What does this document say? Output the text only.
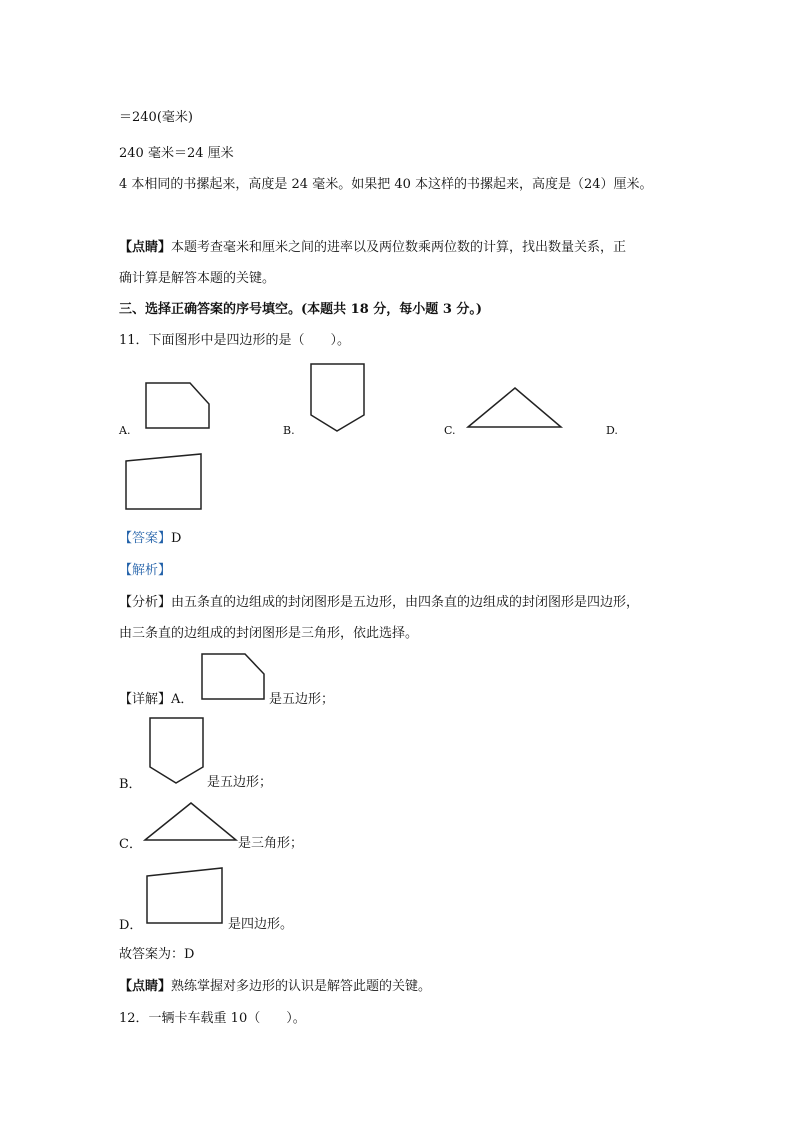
＝240(毫米)
240 毫米＝24 厘米
4 本相同的书摞起来，高度是 24 毫米。如果把 40 本这样的书摞起来，高度是（24）厘米。
【点睛】本题考查毫米和厘米之间的进率以及两位数乘两位数的计算，找出数量关系，正
确计算是解答本题的关键。
三、选择正确答案的序号填空。(本题共 18 分，每小题 3 分。)
11．下面图形中是四边形的是（　　）。
A.	B.	C.	D.
【答案】D
【解析】
【分析】由五条直的边组成的封闭图形是五边形，由四条直的边组成的封闭图形是四边形，
由三条直的边组成的封闭图形是三角形，依此选择。
【详解】A．	是五边形；
B．	是五边形；
C．	是三角形；
D．	是四边形。
故答案为：D
【点睛】熟练掌握对多边形的认识是解答此题的关键。
12．一辆卡车载重 10（　　）。
